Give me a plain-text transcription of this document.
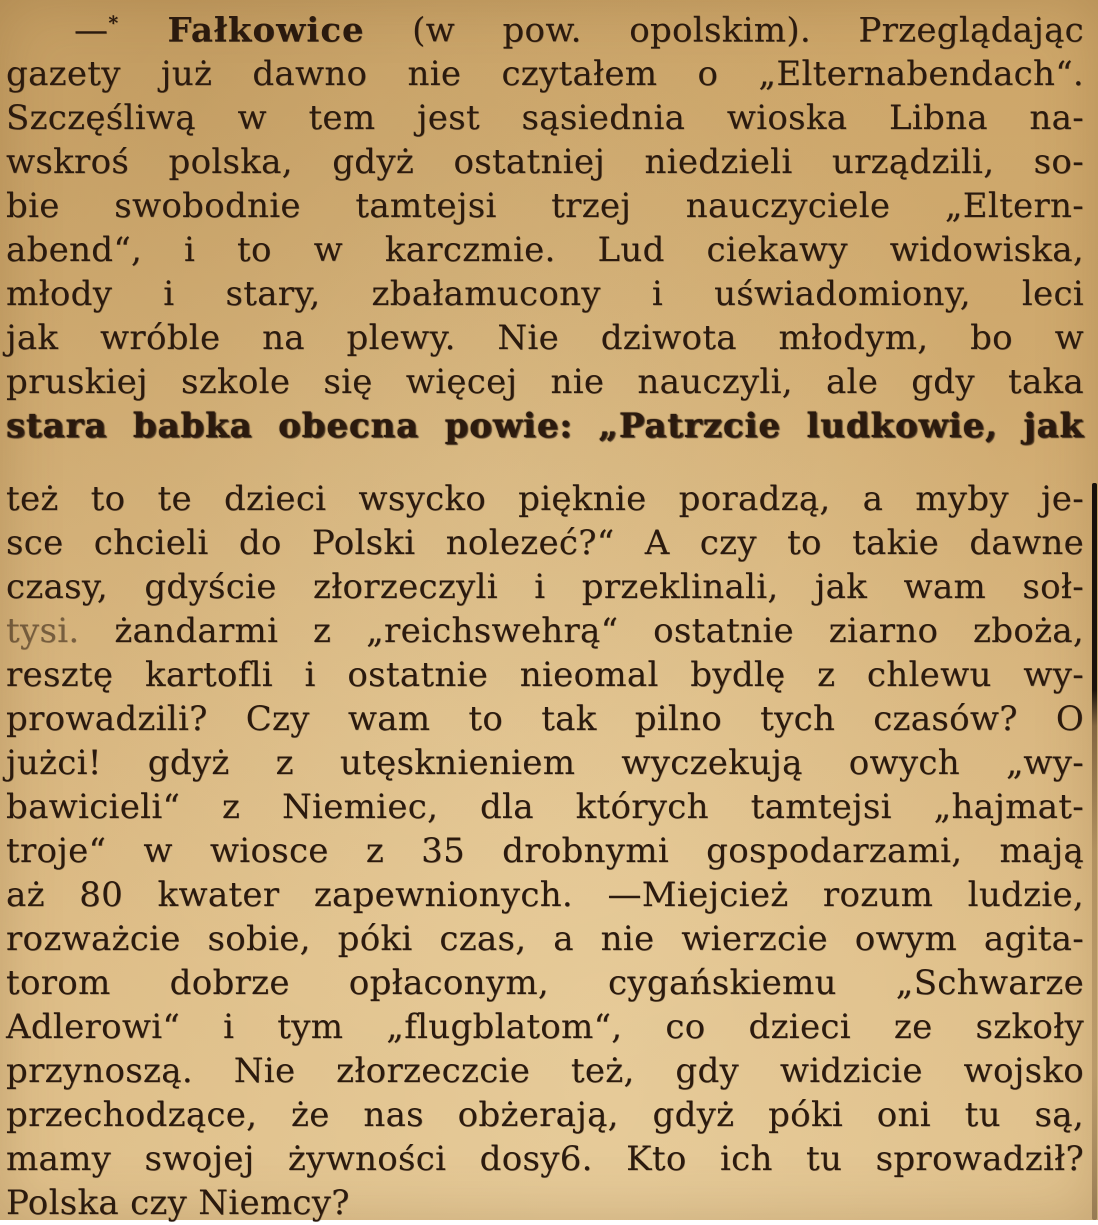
—* Fałkowice (w pow. opolskim). Przeglądając
gazety już dawno nie czytałem o „Elternabendach“.
Szczęśliwą w tem jest sąsiednia wioska Libna na-
wskroś polska, gdyż ostatniej niedzieli urządzili, so-
bie swobodnie tamtejsi trzej nauczyciele „Eltern-
abend“, i to w karczmie. Lud ciekawy widowiska,
młody i stary, zbałamucony i uświadomiony, leci
jak wróble na plewy. Nie dziwota młodym, bo w
pruskiej szkole się więcej nie nauczyli, ale gdy taka
stara babka obecna powie: „Patrzcie ludkowie, jak
też to te dzieci wsycko pięknie poradzą, a myby je-
sce chcieli do Polski nolezeć?“ A czy to takie dawne
czasy, gdyście złorzeczyli i przeklinali, jak wam soł-
tysi. żandarmi z „reichswehrą“ ostatnie ziarno zboża,
resztę kartofli i ostatnie nieomal bydlę z chlewu wy-
prowadzili? Czy wam to tak pilno tych czasów? O
jużci! gdyż z utęsknieniem wyczekują owych „wy-
bawicieli“ z Niemiec, dla których tamtejsi „hajmat-
troje“ w wiosce z 35 drobnymi gospodarzami, mają
aż 80 kwater zapewnionych. —Miejcież rozum ludzie,
rozważcie sobie, póki czas, a nie wierzcie owym agita-
torom dobrze opłaconym, cygańskiemu „Schwarze
Adlerowi“ i tym „flugblatom“, co dzieci ze szkoły
przynoszą. Nie złorzeczcie też, gdy widzicie wojsko
przechodzące, że nas obżerają, gdyż póki oni tu są,
mamy swojej żywności dosy6. Kto ich tu sprowadził?
Polska czy Niemcy?
